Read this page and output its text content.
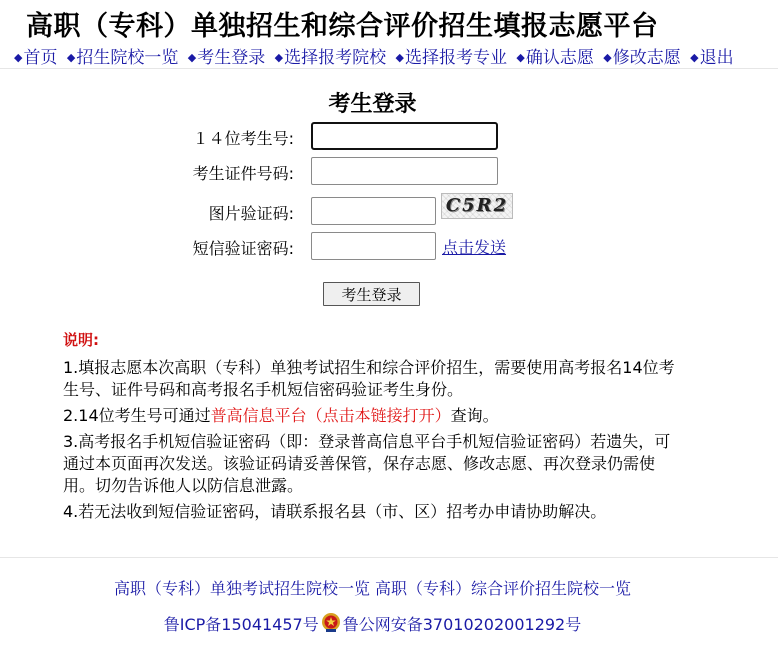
高职（专科）单独招生和综合评价招生填报志愿平台
◆首页 ◆招生院校一览 ◆考生登录 ◆选择报考院校 ◆选择报考专业 ◆确认志愿 ◆修改志愿 ◆退出
考生登录
１４位考生号:
考生证件号码:
图片验证码:	C5R2
短信验证密码:	点击发送
考生登录
说明:
1.填报志愿本次高职（专科）单独考试招生和综合评价招生，需要使用高考报名14位考生号、证件号码和高考报名手机短信密码验证考生身份。
2.14位考生号可通过普高信息平台（点击本链接打开）查询。
3.高考报名手机短信验证密码（即：登录普高信息平台手机短信验证密码）若遗失，可通过本页面再次发送。该验证码请妥善保管，保存志愿、修改志愿、再次登录仍需使用。切勿告诉他人以防信息泄露。
4.若无法收到短信验证密码，请联系报名县（市、区）招考办申请协助解决。
高职（专科）单独考试招生院校一览 高职（专科）综合评价招生院校一览
鲁ICP备15041457号 鲁公网安备37010202001292号
